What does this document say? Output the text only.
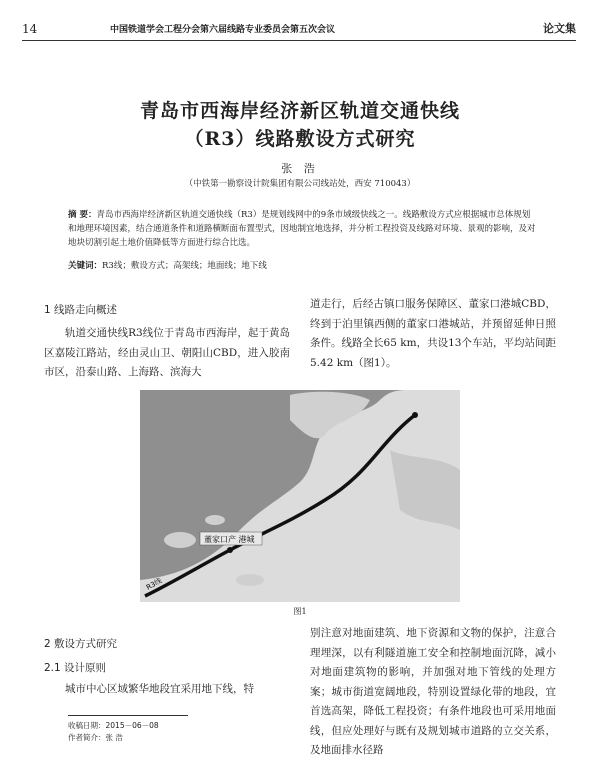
14	中国铁道学会工程分会第六届线路专业委员会第五次会议	论文集
青岛市西海岸经济新区轨道交通快线
（R3）线路敷设方式研究
张 浩
（中铁第一勘察设计院集团有限公司线站处，西安 710043）
摘 要：青岛市西海岸经济新区轨道交通快线（R3）是规划线网中的9条市域级快线之一。线路敷设方式应根据城市总体规划和地理环境因素，结合通道条件和道路横断面布置型式，因地制宜地选择，并分析工程投资及线路对环境、景观的影响，及对地块切割引起土地价值降低等方面进行综合比选。
关键词：R3线；敷设方式；高架线；地面线；地下线
1 线路走向概述
轨道交通快线R3线位于青岛市西海岸，起于黄岛区嘉陵江路站，经由灵山卫、朝阳山CBD，进入胶南市区，沿泰山路、上海路、滨海大
道走行，后经古镇口服务保障区、董家口港城CBD，终到于泊里镇西侧的董家口港城站，并预留延伸日照条件。线路全长65 km，共设13个车站，平均站间距5.42 km（图1）。
董家口产 港城
R3线
图1
2 敷设方式研究
2.1 设计原则
城市中心区域繁华地段宜采用地下线，特
别注意对地面建筑、地下资源和文物的保护，注意合理埋深，以有利隧道施工安全和控制地面沉降，减小对地面建筑物的影响，并加强对地下管线的处理方案；城市街道宽阔地段，特别设置绿化带的地段，宜首选高架，降低工程投资；有条件地段也可采用地面线，但应处理好与既有及规划城市道路的立交关系，及地面排水径路
收稿日期：2015－06－08
作者简介：张 浩
